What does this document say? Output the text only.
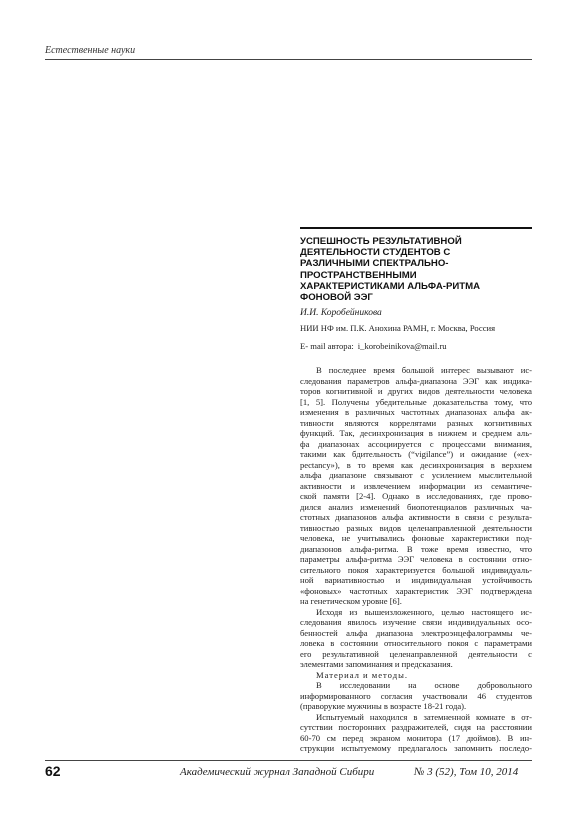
Естественные науки
УСПЕШНОСТЬ РЕЗУЛЬТАТИВНОЙ
ДЕЯТЕЛЬНОСТИ СТУДЕНТОВ С
РАЗЛИЧНЫМИ СПЕКТРАЛЬНО-
ПРОСТРАНСТВЕННЫМИ
ХАРАКТЕРИСТИКАМИ АЛЬФА-РИТМА
ФОНОВОЙ ЭЭГ
И.И. Коробейникова
НИИ НФ им. П.К. Анохина РАМН, г. Москва, Россия
E- mail автора: i_korobeinikova@mail.ru
В последнее время большой интерес вызывают ис-
следования параметров альфа-диапазона ЭЭГ как индика-
торов когнитивной и других видов деятельности человека
[1, 5]. Получены убедительные доказательства тому, что
изменения в различных частотных диапазонах альфа ак-
тивности являются коррелятами разных когнитивных
функций. Так, десинхронизация в нижнем и среднем аль-
фа диапазонах ассоциируется с процессами внимания,
такими как бдительность (“vigilance”) и ожидание («ex-
pectancy»), в то время как десинхронизация в верхнем
альфа диапазоне связывают с усилением мыслительной
активности и извлечением информации из семантиче-
ской памяти [2-4]. Однако в исследованиях, где прово-
дился анализ изменений биопотенциалов различных ча-
стотных диапазонов альфа активности в связи с результа-
тивностью разных видов целенаправленной деятельности
человека, не учитывались фоновые характеристики под-
диапазонов альфа-ритма. В тоже время известно, что
параметры альфа-ритма ЭЭГ человека в состоянии отно-
сительного покоя характеризуется большой индивидуаль-
ной вариативностью и индивидуальная устойчивость
«фоновых» частотных характеристик ЭЭГ подтверждена
на генетическом уровне [6].
Исходя из вышеизложенного, целью настоящего ис-
следования явилось изучение связи индивидуальных осо-
бенностей альфа диапазона электроэнцефалограммы че-
ловека в состоянии относительного покоя с параметрами
его результативной целенаправленной деятельности с
элементами запоминания и предсказания.
Материал и методы.
В исследовании на основе добровольного
информированного согласия участвовали 46 студентов
(праворукие мужчины в возрасте 18-21 года).
Испытуемый находился в затемненной комнате в от-
сутствии посторонних раздражителей, сидя на расстоянии
60-70 см перед экраном монитора (17 дюймов). В ин-
струкции испытуемому предлагалось запомнить последо-
62	Академический журнал Западной Сибири	№ 3 (52), Том 10, 2014
